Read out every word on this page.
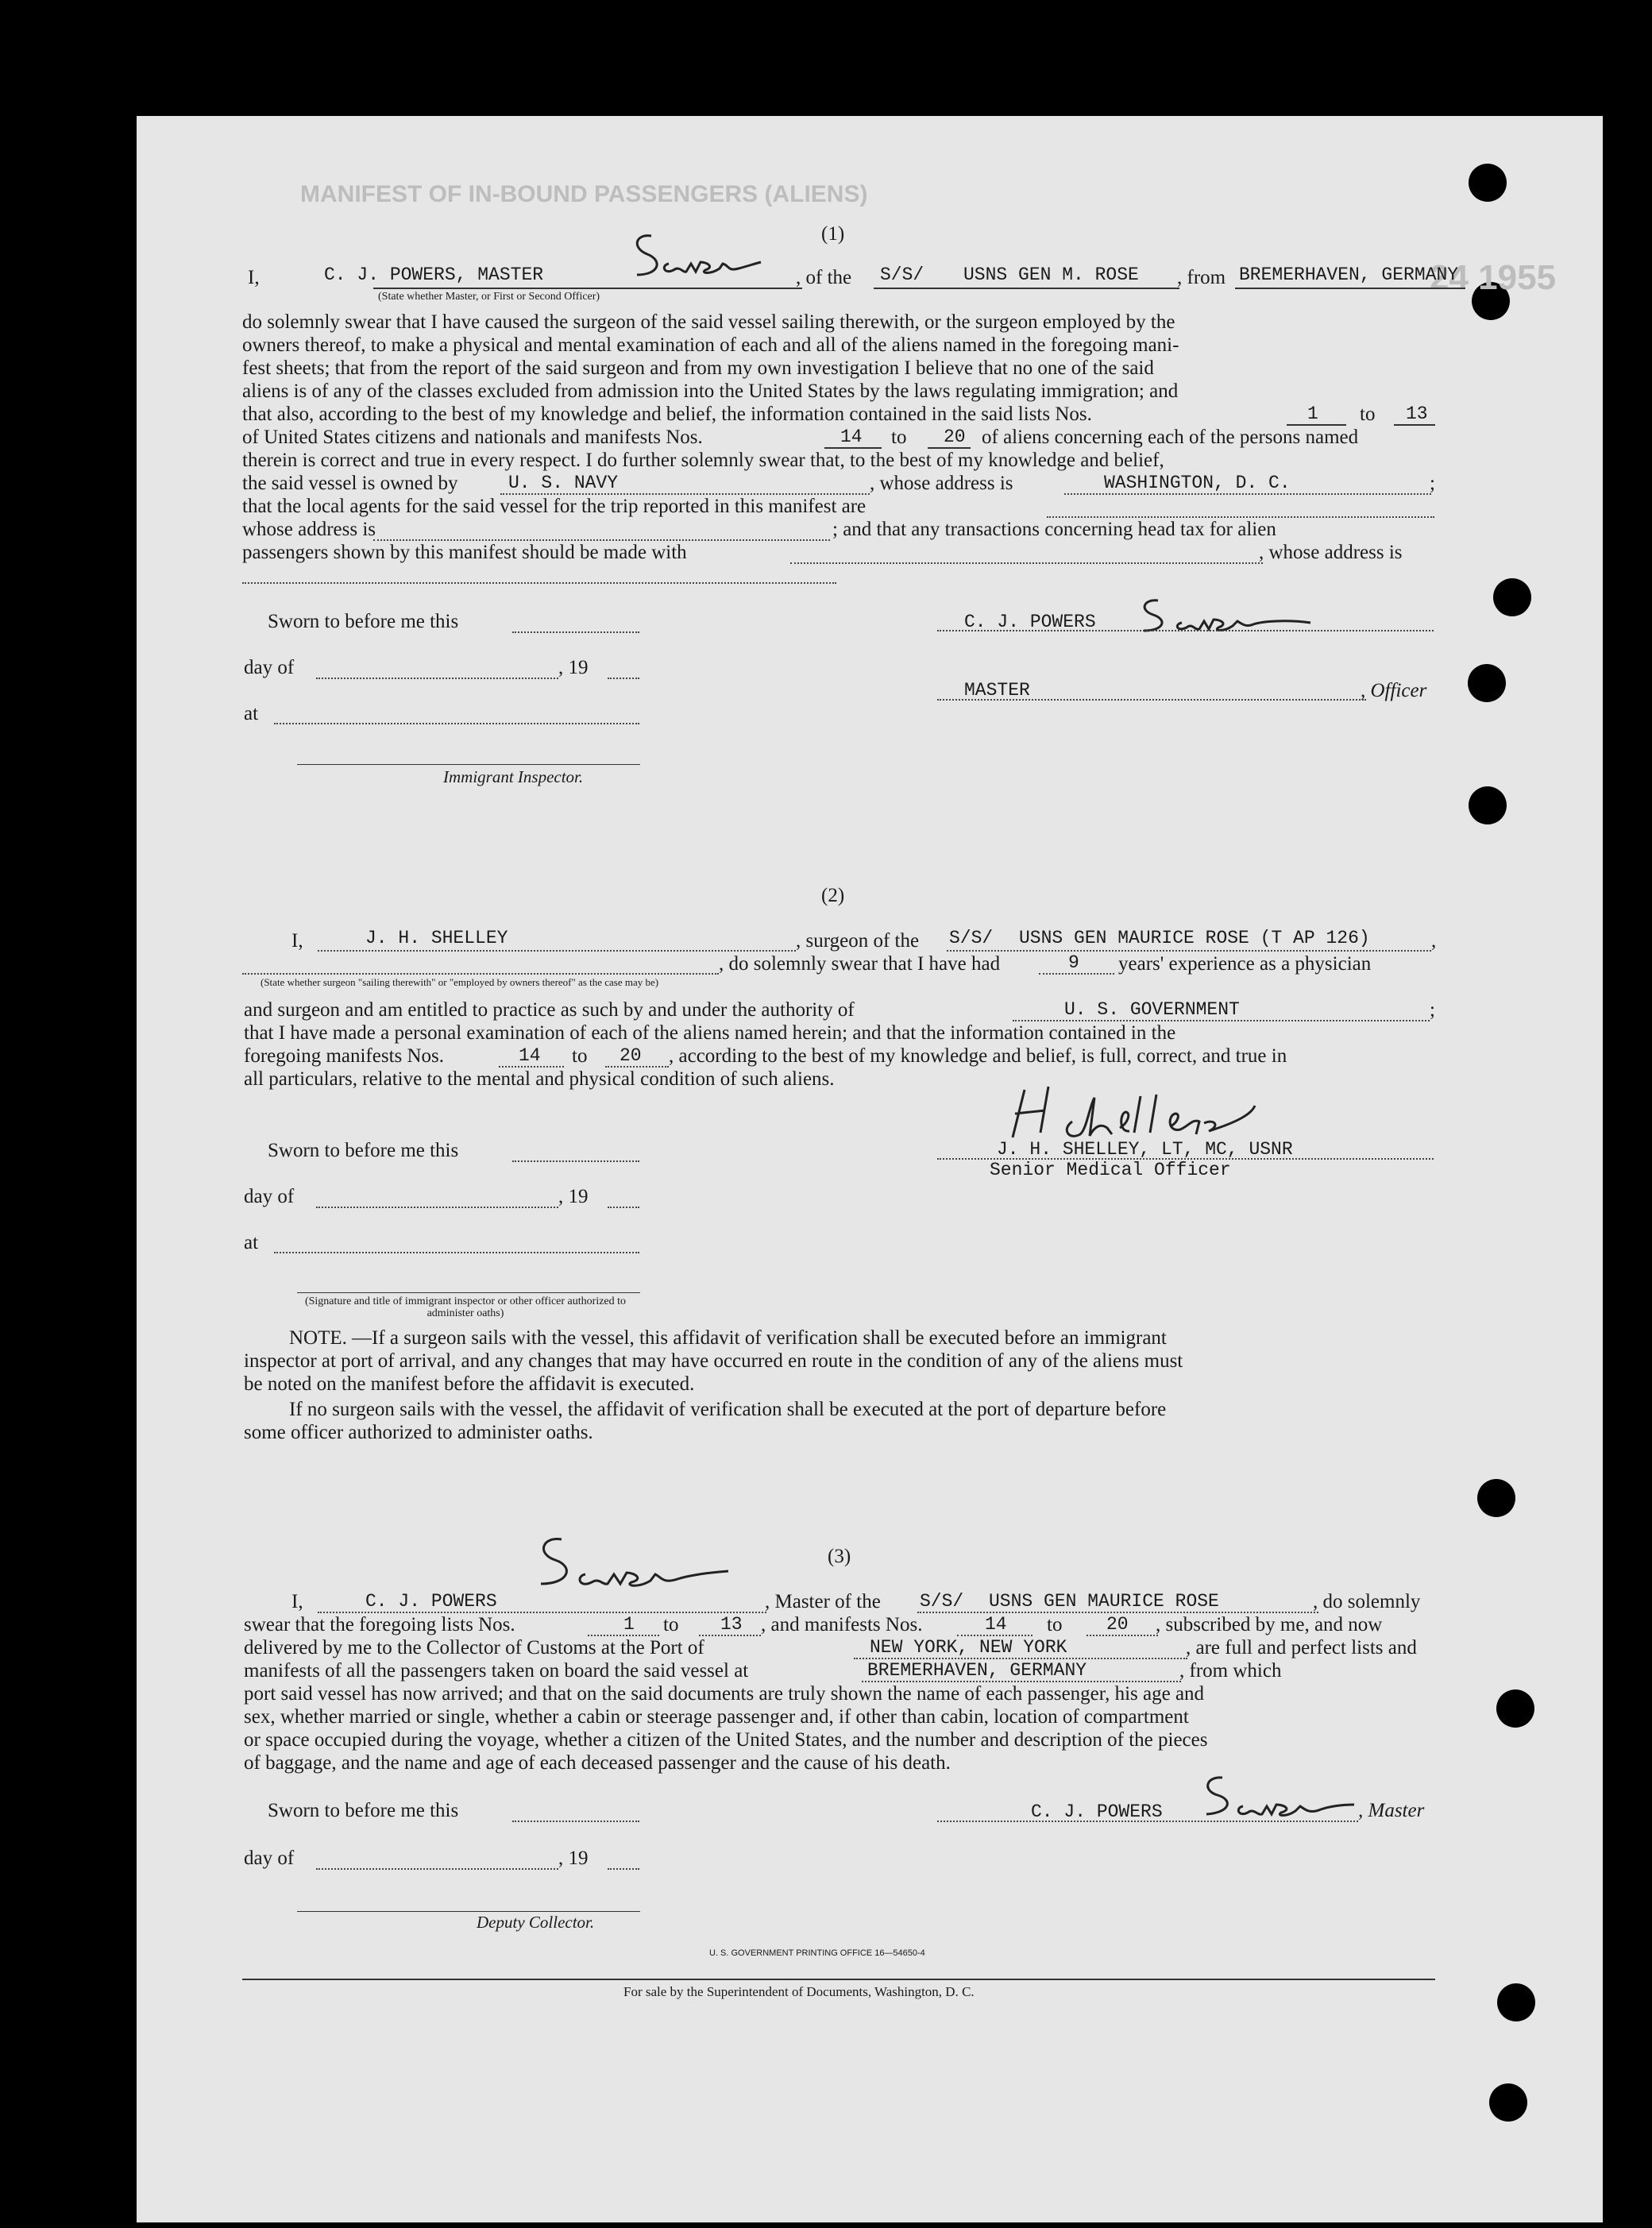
MANIFEST OF IN-BOUND PASSENGERS (ALIENS)
24 1955
(1)
I,	C. J. POWERS, MASTER	, of the S/S/ USNS GEN M. ROSE , from BREMERHAVEN, GERMANY
(State whether Master, or First or Second Officer)
do solemnly swear that I have caused the surgeon of the said vessel sailing therewith, or the surgeon employed by the
owners thereof, to make a physical and mental examination of each and all of the aliens named in the foregoing mani-
fest sheets; that from the report of the said surgeon and from my own investigation I believe that no one of the said
aliens is of any of the classes excluded from admission into the United States by the laws regulating immigration; and
that also, according to the best of my knowledge and belief, the information contained in the said lists Nos.	1 to 13
of United States citizens and nationals and manifests Nos.	14 to 20 of aliens concerning each of the persons named
therein is correct and true in every respect. I do further solemnly swear that, to the best of my knowledge and belief,
the said vessel is owned by	U. S. NAVY	, whose address is	WASHINGTON, D. C.	;
that the local agents for the said vessel for the trip reported in this manifest are
whose address is	; and that any transactions concerning head tax for alien
passengers shown by this manifest should be made with	, whose address is
Sworn to before me this
day of	, 19
at
Immigrant Inspector.
C. J. POWERS
MASTER	, Officer
(2)
I,	J. H. SHELLEY	, surgeon of the S/S/ USNS GEN MAURICE ROSE (T AP 126)	,
, do solemnly swear that I have had	9 years' experience as a physician
(State whether surgeon "sailing therewith" or "employed by owners thereof" as the case may be)
and surgeon and am entitled to practice as such by and under the authority of	U. S. GOVERNMENT	;
that I have made a personal examination of each of the aliens named herein; and that the information contained in the
foregoing manifests Nos.	14 to 20 , according to the best of my knowledge and belief, is full, correct, and true in
all particulars, relative to the mental and physical condition of such aliens.
Sworn to before me this	J. H. SHELLEY, LT, MC, USNR
Senior Medical Officer
day of	, 19
at
(Signature and title of immigrant inspector or other officer authorized to administer oaths)
NOTE. —If a surgeon sails with the vessel, this affidavit of verification shall be executed before an immigrant
inspector at port of arrival, and any changes that may have occurred en route in the condition of any of the aliens must
be noted on the manifest before the affidavit is executed.
If no surgeon sails with the vessel, the affidavit of verification shall be executed at the port of departure before
some officer authorized to administer oaths.
(3)
I,	C. J. POWERS	, Master of the S/S/ USNS GEN MAURICE ROSE	, do solemnly
swear that the foregoing lists Nos.	1 to 13 , and manifests Nos.	14 to 20 , subscribed by me, and now
delivered by me to the Collector of Customs at the Port of	NEW YORK, NEW YORK	, are full and perfect lists and
manifests of all the passengers taken on board the said vessel at	BREMERHAVEN, GERMANY	, from which
port said vessel has now arrived; and that on the said documents are truly shown the name of each passenger, his age and
sex, whether married or single, whether a cabin or steerage passenger and, if other than cabin, location of compartment
or space occupied during the voyage, whether a citizen of the United States, and the number and description of the pieces
of baggage, and the name and age of each deceased passenger and the cause of his death.
Sworn to before me this	C. J. POWERS	, Master
day of	, 19
Deputy Collector.
U. S. GOVERNMENT PRINTING OFFICE 16—54650-4
For sale by the Superintendent of Documents, Washington, D. C.
